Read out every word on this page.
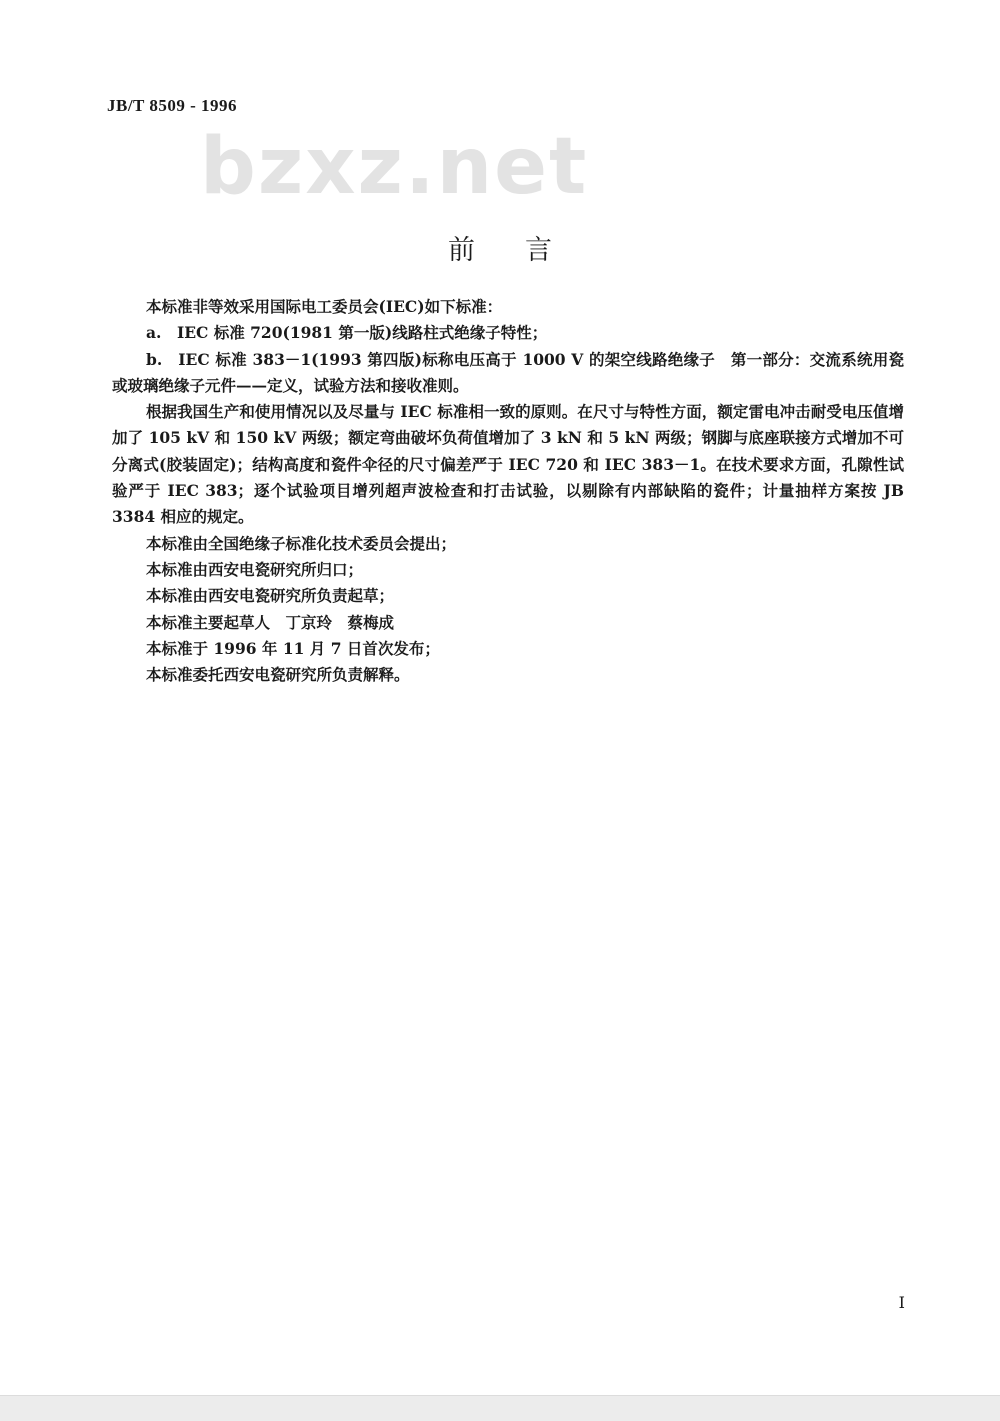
JB/T 8509 - 1996
bzxz.net
前言

本标准非等效采用国际电工委员会(IEC)如下标准：

a.　IEC 标准 720(1981 第一版)线路柱式绝缘子特性；

b.　IEC 标准 383－1(1993 第四版)标称电压高于 1000 V 的架空线路绝缘子　第一部分：交流系统用瓷或玻璃绝缘子元件——定义，试验方法和接收准则。

根据我国生产和使用情况以及尽量与 IEC 标准相一致的原则。在尺寸与特性方面，额定雷电冲击耐受电压值增加了 105 kV 和 150 kV 两级；额定弯曲破坏负荷值增加了 3 kN 和 5 kN 两级；钢脚与底座联接方式增加不可分离式(胶装固定)；结构高度和瓷件伞径的尺寸偏差严于 IEC 720 和 IEC 383－1。在技术要求方面，孔隙性试验严于 IEC 383；逐个试验项目增列超声波检查和打击试验，以剔除有内部缺陷的瓷件；计量抽样方案按 JB 3384 相应的规定。

本标准由全国绝缘子标准化技术委员会提出；

本标准由西安电瓷研究所归口；

本标准由西安电瓷研究所负责起草；

本标准主要起草人　丁京玲　蔡梅成

本标准于 1996 年 11 月 7 日首次发布；

本标准委托西安电瓷研究所负责解释。

I
